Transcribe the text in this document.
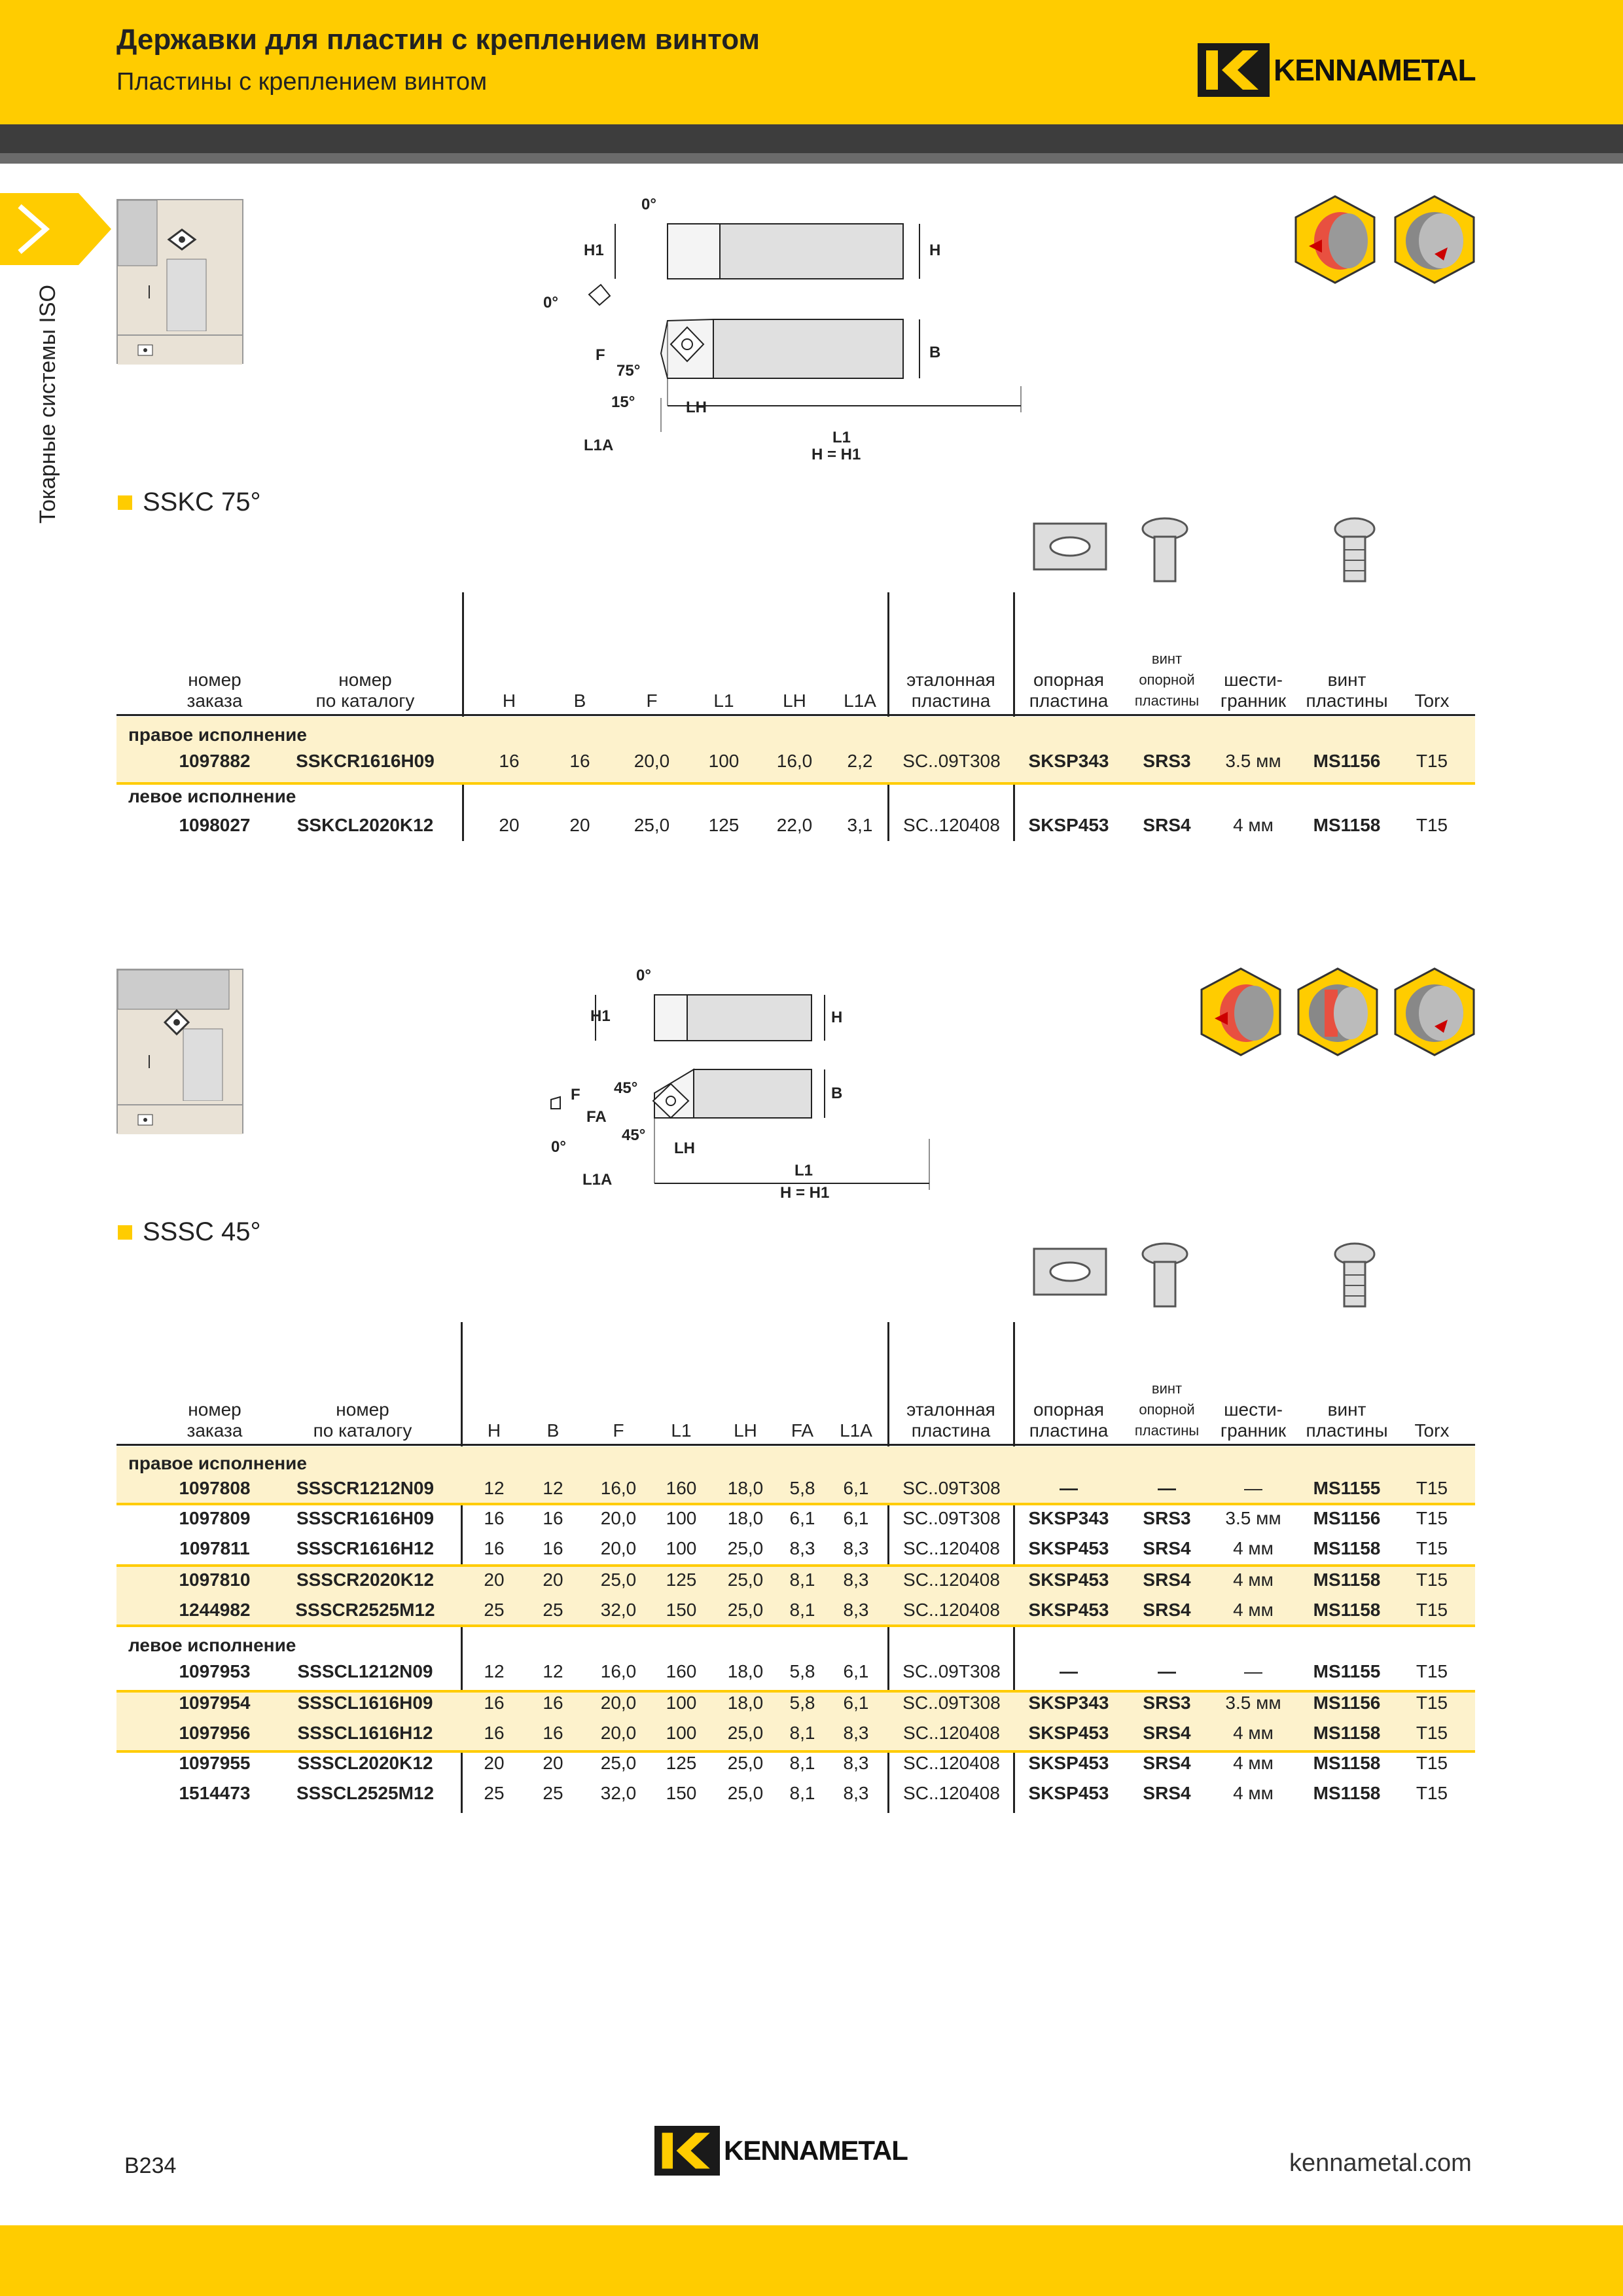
Державки для пластин с креплением винтом
Пластины с креплением винтом	KENNAMETAL
Токарные системы ISO
0°
H1	H
0°
F
75°
15°	LH
B
L1A	L1
H = H1
SSKC 75°
номер
заказа
номер
по каталогу	H	B	F	L1	LH	L1A
эталонная
пластина
опорная
пластина
винт
опорной
пластины
шести-
гранник
винт
пластины	Torx
правое исполнение
левое исполнение
1097882	SSKCR1616H09	16	16	20,0	100	16,0	2,2	SC..09T308	SKSP343	SRS3	3.5 мм	MS1156	T15
1098027	SSKCL2020K12	20	20	25,0	125	22,0	3,1	SC..120408	SKSP453	SRS4	4 мм	MS1158	T15
0°
H1	H
F 45°
FA
45°
0°	LH
B
L1A
L1
H = H1
SSSC 45°
номер
заказа
номер
по каталогу	H	B	F	L1	LH	FA	L1A
эталонная
пластина
опорная
пластина
винт
опорной
пластины
шести-
гранник
винт
пластины	Torx
правое исполнение
левое исполнение
1097808	SSSCR1212N09	12	12	16,0	160	18,0	5,8	6,1	SC..09T308	—	—	—	MS1155	T15
1097809	SSSCR1616H09	16	16	20,0	100	18,0	6,1	6,1	SC..09T308	SKSP343	SRS3	3.5 мм	MS1156	T15
1097811	SSSCR1616H12	16	16	20,0	100	25,0	8,3	8,3	SC..120408	SKSP453	SRS4	4 мм	MS1158	T15
1097810	SSSCR2020K12	20	20	25,0	125	25,0	8,1	8,3	SC..120408	SKSP453	SRS4	4 мм	MS1158	T15
1244982	SSSCR2525M12	25	25	32,0	150	25,0	8,1	8,3	SC..120408	SKSP453	SRS4	4 мм	MS1158	T15
1097953	SSSCL1212N09	12	12	16,0	160	18,0	5,8	6,1	SC..09T308	—	—	—	MS1155	T15
1097954	SSSCL1616H09	16	16	20,0	100	18,0	5,8	6,1	SC..09T308	SKSP343	SRS3	3.5 мм	MS1156	T15
1097956	SSSCL1616H12	16	16	20,0	100	25,0	8,1	8,3	SC..120408	SKSP453	SRS4	4 мм	MS1158	T15
1097955	SSSCL2020K12	20	20	25,0	125	25,0	8,1	8,3	SC..120408	SKSP453	SRS4	4 мм	MS1158	T15
1514473	SSSCL2525M12	25	25	32,0	150	25,0	8,1	8,3	SC..120408	SKSP453	SRS4	4 мм	MS1158	T15
B234	KENNAMETAL	kennametal.com
